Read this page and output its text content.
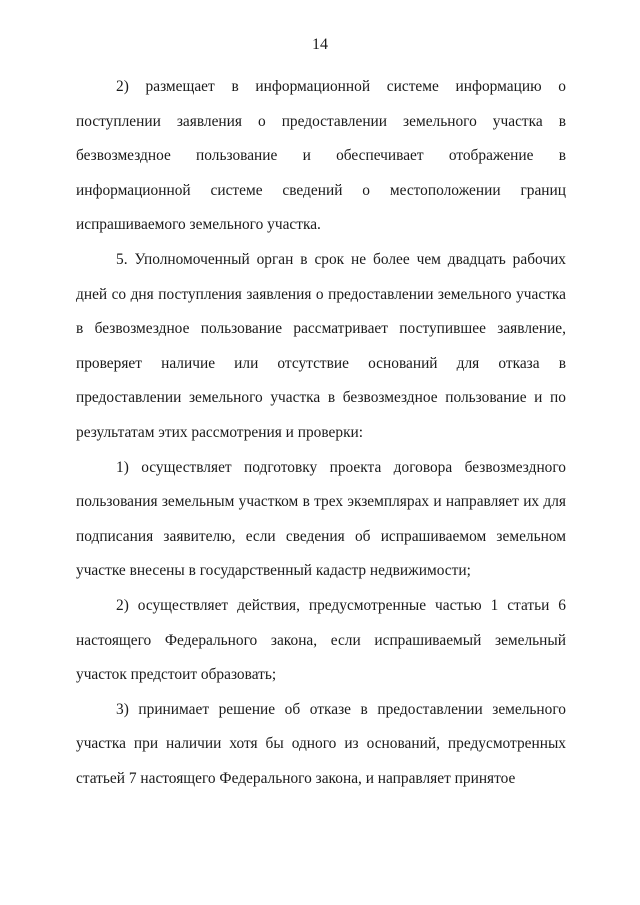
14

2) размещает в информационной системе информацию о поступлении заявления о предоставлении земельного участка в безвозмездное пользование и обеспечивает отображение в информационной системе сведений о местоположении границ испрашиваемого земельного участка.

5. Уполномоченный орган в срок не более чем двадцать рабочих дней со дня поступления заявления о предоставлении земельного участка в безвозмездное пользование рассматривает поступившее заявление, проверяет наличие или отсутствие оснований для отказа в предоставлении земельного участка в безвозмездное пользование и по результатам этих рассмотрения и проверки:

1) осуществляет подготовку проекта договора безвозмездного пользования земельным участком в трех экземплярах и направляет их для подписания заявителю, если сведения об испрашиваемом земельном участке внесены в государственный кадастр недвижимости;

2) осуществляет действия, предусмотренные частью 1 статьи 6 настоящего Федерального закона, если испрашиваемый земельный участок предстоит образовать;

3) принимает решение об отказе в предоставлении земельного участка при наличии хотя бы одного из оснований, предусмотренных статьей 7 настоящего Федерального закона, и направляет принятое
